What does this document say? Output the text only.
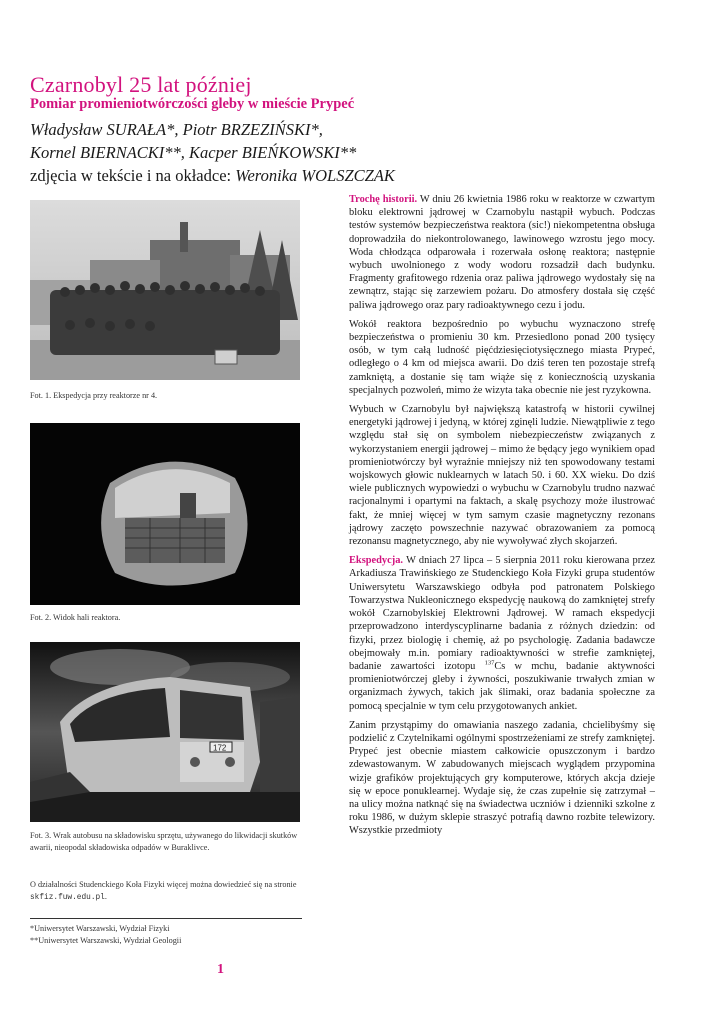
Czarnobyl 25 lat później
Pomiar promieniotwórczości gleby w mieście Prypeć

Władysław SURAŁA*, Piotr BRZEZIŃSKI*,

Kornel BIERNACKI**, Kacper BIEŃKOWSKI**

zdjęcia w tekście i na okładce: Weronika WOLSZCZAK

Fot. 1. Ekspedycja przy reaktorze nr 4.

Fot. 2. Widok hali reaktora.

172

Fot. 3. Wrak autobusu na składowisku sprzętu, używanego do likwidacji skutków awarii, nieopodal składowiska odpadów w Buraklivce.

O działalności Studenckiego Koła Fizyki więcej można dowiedzieć się na stronie skfiz.fuw.edu.pl.

*Uniwersytet Warszawski, Wydział Fizyki
**Uniwersytet Warszawski, Wydział Geologii

1

Trochę historii. W dniu 26 kwietnia 1986 roku w reaktorze w czwartym bloku elektrowni jądrowej w Czarnobylu nastąpił wybuch. Podczas testów systemów bezpieczeństwa reaktora (sic!) niekompetentna obsługa doprowadziła do niekontrolowanego, lawinowego wzrostu jego mocy. Woda chłodząca odparowała i rozerwała osłonę reaktora; następnie wybuch uwolnionego z wody wodoru rozsadził dach budynku. Fragmenty grafitowego rdzenia oraz paliwa jądrowego wydostały się na zewnątrz, stając się zarzewiem pożaru. Do atmosfery dostała się część paliwa jądrowego oraz pary radioaktywnego cezu i jodu.

Wokół reaktora bezpośrednio po wybuchu wyznaczono strefę bezpieczeństwa o promieniu 30 km. Przesiedlono ponad 200 tysięcy osób, w tym całą ludność pięćdziesięciotysięcznego miasta Prypeć, odległego o 4 km od miejsca awarii. Do dziś teren ten pozostaje strefą zamkniętą, a dostanie się tam wiąże się z koniecznością uzyskania specjalnych pozwoleń, mimo że wizyta taka obecnie nie jest ryzykowna.

Wybuch w Czarnobylu był największą katastrofą w historii cywilnej energetyki jądrowej i jedyną, w której zginęli ludzie. Niewątpliwie z tego względu stał się on symbolem niebezpieczeństw związanych z wykorzystaniem energii jądrowej – mimo że będący jego wynikiem opad promieniotwórczy był wyraźnie mniejszy niż ten spowodowany testami wojskowych głowic nuklearnych w latach 50. i 60. XX wieku. Do dziś wiele publicznych wypowiedzi o wybuchu w Czarnobylu trudno nazwać racjonalnymi i opartymi na faktach, a skalę psychozy może ilustrować fakt, że mniej więcej w tym samym czasie magnetyczny rezonans jądrowy zaczęto powszechnie nazywać obrazowaniem za pomocą rezonansu magnetycznego, aby nie wywoływać złych skojarzeń.

Ekspedycja. W dniach 27 lipca – 5 sierpnia 2011 roku kierowana przez Arkadiusza Trawińskiego ze Studenckiego Koła Fizyki grupa studentów Uniwersytetu Warszawskiego odbyła pod patronatem Polskiego Towarzystwa Nukleonicznego ekspedycję naukową do zamkniętej strefy wokół Czarnobylskiej Elektrowni Jądrowej. W ramach ekspedycji przeprowadzono interdyscyplinarne badania z różnych dziedzin: od fizyki, przez biologię i chemię, aż po psychologię. Zadania badawcze obejmowały m.in. pomiary radioaktywności w strefie zamkniętej, badanie zawartości izotopu $^{137}$Cs w mchu, badanie aktywności promieniotwórczej gleby i żywności, poszukiwanie trwałych zmian w organizmach żywych, takich jak ślimaki, oraz badania społeczne za pomocą specjalnie w tym celu przygotowanych ankiet.

Zanim przystąpimy do omawiania naszego zadania, chcielibyśmy się podzielić z Czytelnikami ogólnymi spostrzeżeniami ze strefy zamkniętej. Prypeć jest obecnie miastem całkowicie opuszczonym i bardzo zdewastowanym. W zabudowanych miejscach wyglądem przypomina wizje grafików projektujących gry komputerowe, których akcja dzieje się w epoce ponuklearnej. Wydaje się, że czas zupełnie się zatrzymał – na ulicy można natknąć się na świadectwa uczniów i dzienniki szkolne z roku 1986, w dużym sklepie straszyć potrafią dawno rozbite telewizory. Wszystkie przedmioty
